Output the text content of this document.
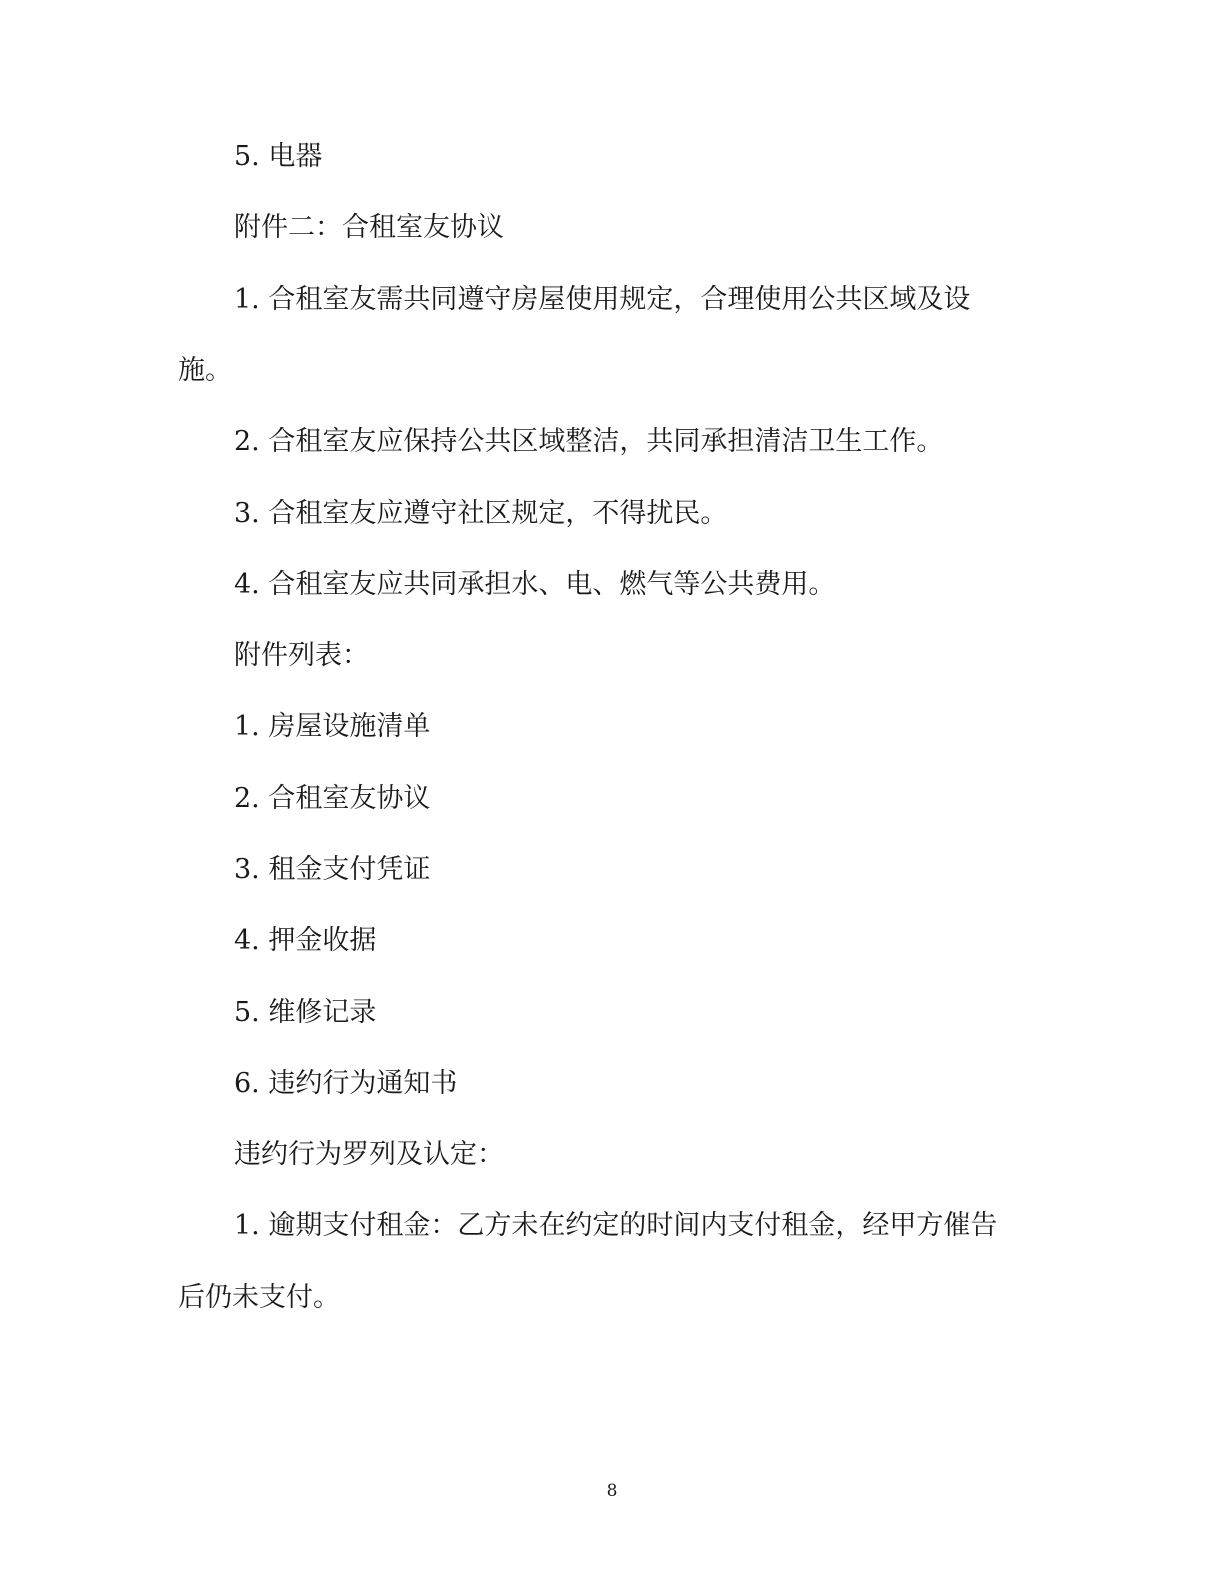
5. 电器
附件二：合租室友协议
1. 合租室友需共同遵守房屋使用规定，合理使用公共区域及设
施。
2. 合租室友应保持公共区域整洁，共同承担清洁卫生工作。
3. 合租室友应遵守社区规定，不得扰民。
4. 合租室友应共同承担水、电、燃气等公共费用。
附件列表：
1. 房屋设施清单
2. 合租室友协议
3. 租金支付凭证
4. 押金收据
5. 维修记录
6. 违约行为通知书
违约行为罗列及认定：
1. 逾期支付租金：乙方未在约定的时间内支付租金，经甲方催告
后仍未支付。
8
